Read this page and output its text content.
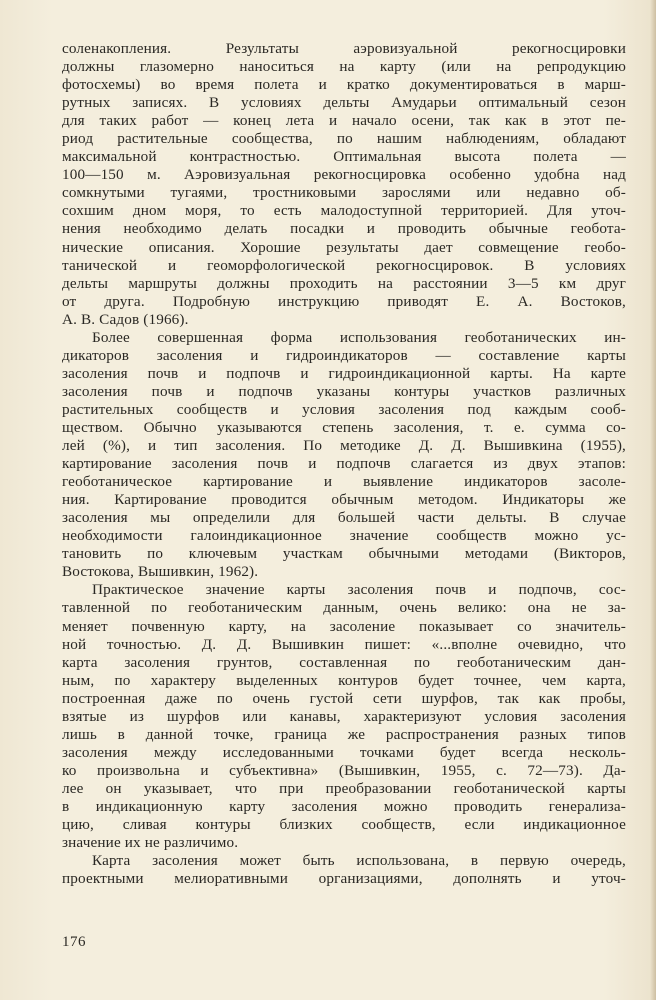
соленакопления. Результаты аэровизуальной рекогносцировки
должны глазомерно наноситься на карту (или на репродукцию
фотосхемы) во время полета и кратко документироваться в марш-
рутных записях. В условиях дельты Амударьи оптимальный сезон
для таких работ — конец лета и начало осени, так как в этот пе-
риод растительные сообщества, по нашим наблюдениям, обладают
максимальной контрастностью. Оптимальная высота полета —
100—150 м. Аэровизуальная рекогносцировка особенно удобна над
сомкнутыми тугаями, тростниковыми зарослями или недавно об-
сохшим дном моря, то есть малодоступной территорией. Для уточ-
нения необходимо делать посадки и проводить обычные геобота-
нические описания. Хорошие результаты дает совмещение геобо-
танической и геоморфологической рекогносцировок. В условиях
дельты маршруты должны проходить на расстоянии 3—5 км друг
от друга. Подробную инструкцию приводят Е. А. Востоков,
А. В. Садов (1966).
Более совершенная форма использования геоботанических ин-
дикаторов засоления и гидроиндикаторов — составление карты
засоления почв и подпочв и гидроиндикационной карты. На карте
засоления почв и подпочв указаны контуры участков различных
растительных сообществ и условия засоления под каждым сооб-
ществом. Обычно указываются степень засоления, т. е. сумма со-
лей (%), и тип засоления. По методике Д. Д. Вышивкина (1955),
картирование засоления почв и подпочв слагается из двух этапов:
геоботаническое картирование и выявление индикаторов засоле-
ния. Картирование проводится обычным методом. Индикаторы же
засоления мы определили для большей части дельты. В случае
необходимости галоиндикационное значение сообществ можно ус-
тановить по ключевым участкам обычными методами (Викторов,
Востокова, Вышивкин, 1962).
Практическое значение карты засоления почв и подпочв, сос-
тавленной по геоботаническим данным, очень велико: она не за-
меняет почвенную карту, на засоление показывает со значитель-
ной точностью. Д. Д. Вышивкин пишет: «...вполне очевидно, что
карта засоления грунтов, составленная по геоботаническим дан-
ным, по характеру выделенных контуров будет точнее, чем карта,
построенная даже по очень густой сети шурфов, так как пробы,
взятые из шурфов или канавы, характеризуют условия засоления
лишь в данной точке, граница же распространения разных типов
засоления между исследованными точками будет всегда несколь-
ко произвольна и субъективна» (Вышивкин, 1955, с. 72—73). Да-
лее он указывает, что при преобразовании геоботанической карты
в индикационную карту засоления можно проводить генерализа-
цию, сливая контуры близких сообществ, если индикационное
значение их не различимо.
Карта засоления может быть использована, в первую очередь,
проектными мелиоративными организациями, дополнять и уточ-
176
